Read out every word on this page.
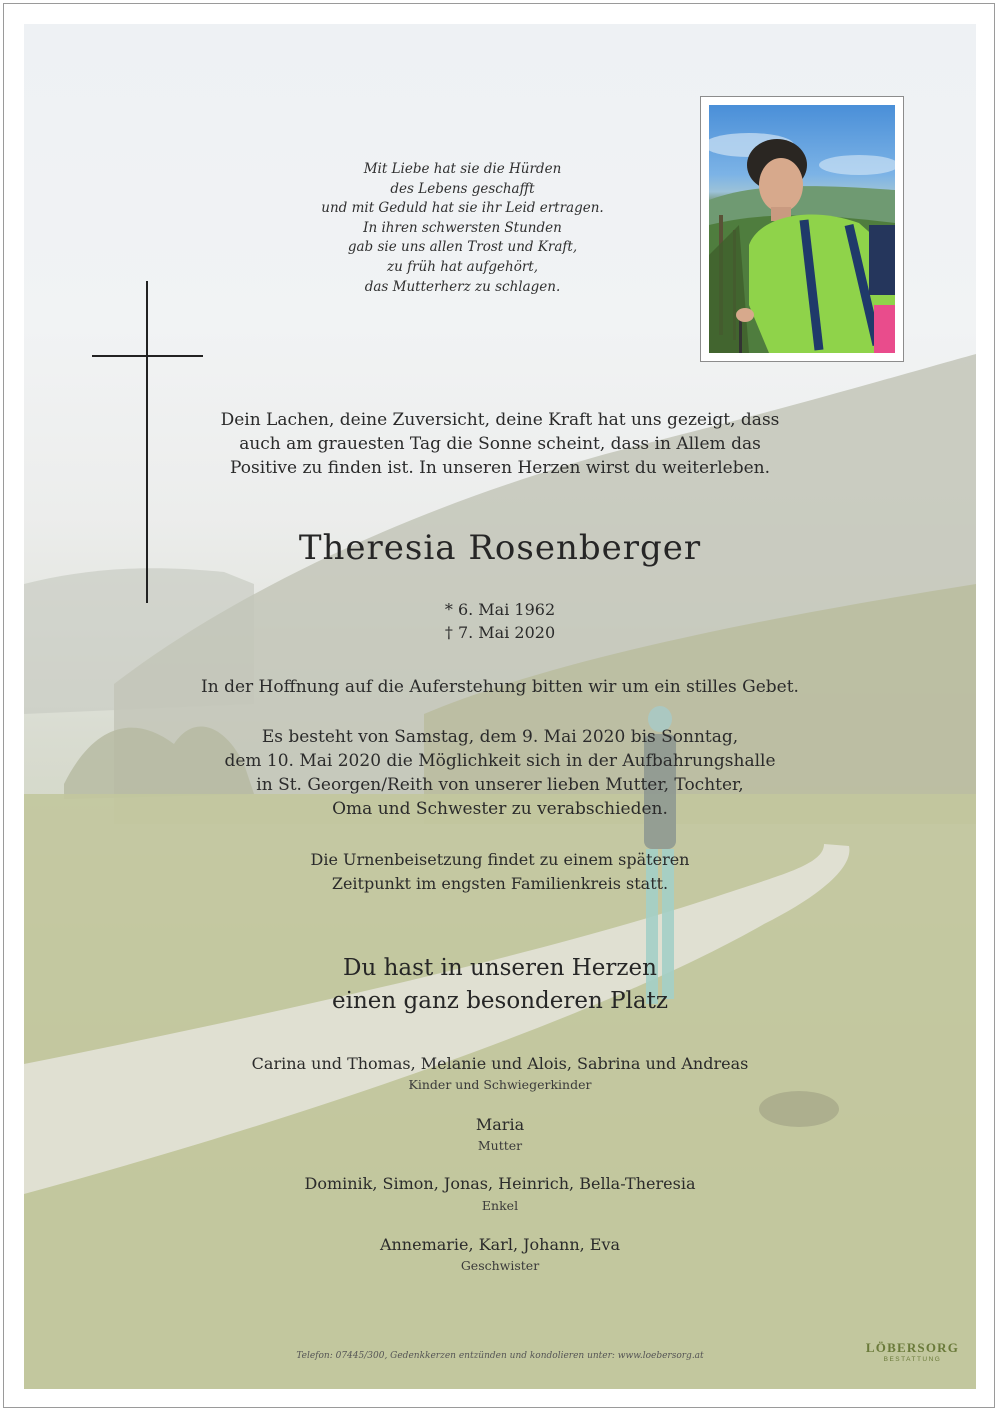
Mit Liebe hat sie die Hürden
des Lebens geschafft
und mit Geduld hat sie ihr Leid ertragen.
In ihren schwersten Stunden
gab sie uns allen Trost und Kraft,
zu früh hat aufgehört,
das Mutterherz zu schlagen.
Dein Lachen, deine Zuversicht, deine Kraft hat uns gezeigt, dass
auch am grauesten Tag die Sonne scheint, dass in Allem das
Positive zu finden ist. In unseren Herzen wirst du weiterleben.
Theresia Rosenberger
* 6. Mai 1962
† 7. Mai 2020
In der Hoffnung auf die Auferstehung bitten wir um ein stilles Gebet.
Es besteht von Samstag, dem 9. Mai 2020 bis Sonntag,
dem 10. Mai 2020 die Möglichkeit sich in der Aufbahrungshalle
in St. Georgen/Reith von unserer lieben Mutter, Tochter,
Oma und Schwester zu verabschieden.
Die Urnenbeisetzung findet zu einem späteren
Zeitpunkt im engsten Familienkreis statt.
Du hast in unseren Herzen
einen ganz besonderen Platz
Carina und Thomas, Melanie und Alois, Sabrina und Andreas
Kinder und Schwiegerkinder
Maria
Mutter
Dominik, Simon, Jonas, Heinrich, Bella-Theresia
Enkel
Annemarie, Karl, Johann, Eva
Geschwister
Telefon: 07445/300, Gedenkkerzen entzünden und kondolieren unter: www.loebersorg.at
LÖBERSORG
BESTATTUNG
